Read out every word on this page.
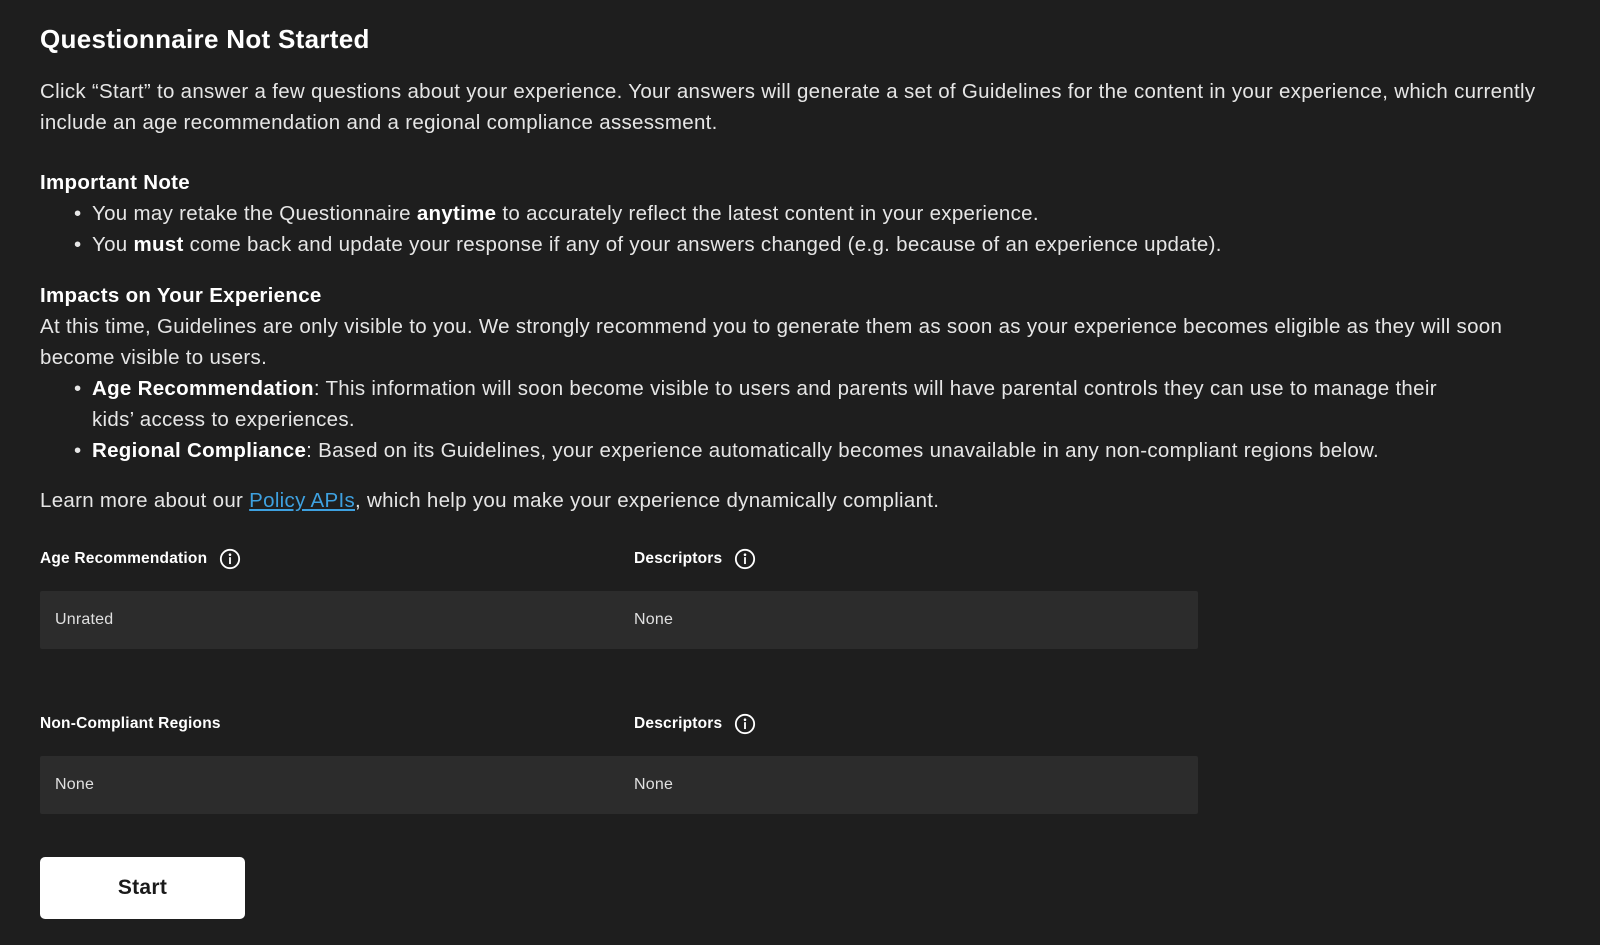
Questionnaire Not Started

Click “Start” to answer a few questions about your experience. Your answers will generate a set of Guidelines for the content in your experience, which currently include an age recommendation and a regional compliance assessment.

Important Note
• You may retake the Questionnaire anytime to accurately reflect the latest content in your experience.
• You must come back and update your response if any of your answers changed (e.g. because of an experience update).
Impacts on Your Experience

At this time, Guidelines are only visible to you. We strongly recommend you to generate them as soon as your experience becomes eligible as they will soon become visible to users.

• Age Recommendation: This information will soon become visible to users and parents will have parental controls they can use to manage their kids’ access to experiences.
• Regional Compliance: Based on its Guidelines, your experience automatically becomes unavailable in any non-compliant regions below.

Learn more about our Policy APIs, which help you make your experience dynamically compliant.

Age Recommendation	Descriptors
Unrated	None
Non-Compliant Regions	Descriptors
None	None
Start
